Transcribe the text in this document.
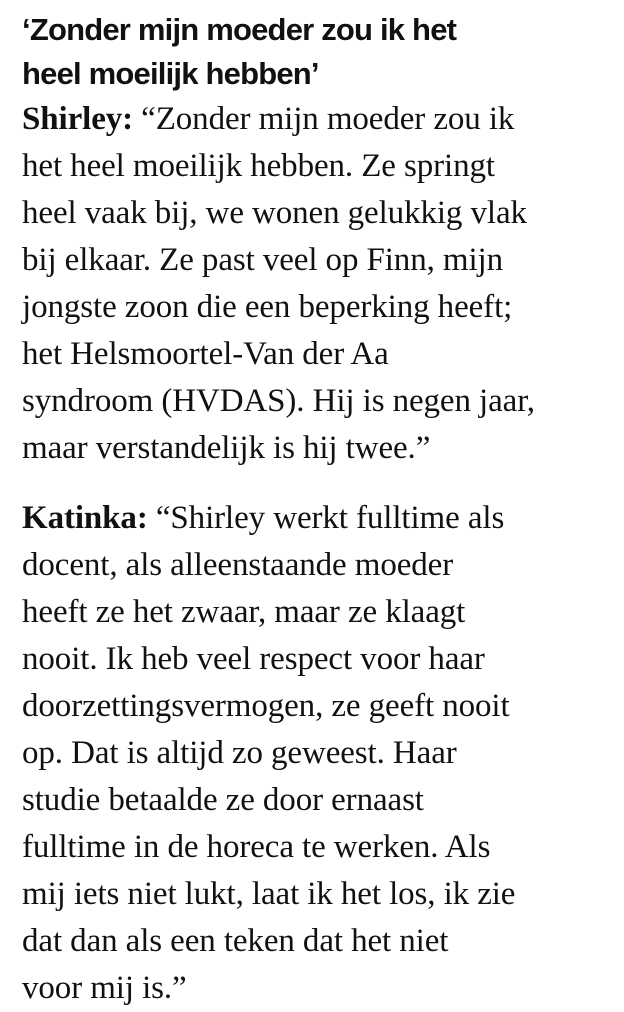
‘Zonder mijn moeder zou ik het
heel moeilijk hebben’

Shirley: “Zonder mijn moeder zou ik
het heel moeilijk hebben. Ze springt
heel vaak bij, we wonen gelukkig vlak
bij elkaar. Ze past veel op Finn, mijn
jongste zoon die een beperking heeft;
het Helsmoortel-Van der Aa
syndroom (HVDAS). Hij is negen jaar,
maar verstandelijk is hij twee.”

Katinka: “Shirley werkt fulltime als
docent, als alleenstaande moeder
heeft ze het zwaar, maar ze klaagt
nooit. Ik heb veel respect voor haar
doorzettingsvermogen, ze geeft nooit
op. Dat is altijd zo geweest. Haar
studie betaalde ze door ernaast
fulltime in de horeca te werken. Als
mij iets niet lukt, laat ik het los, ik zie
dat dan als een teken dat het niet
voor mij is.”
